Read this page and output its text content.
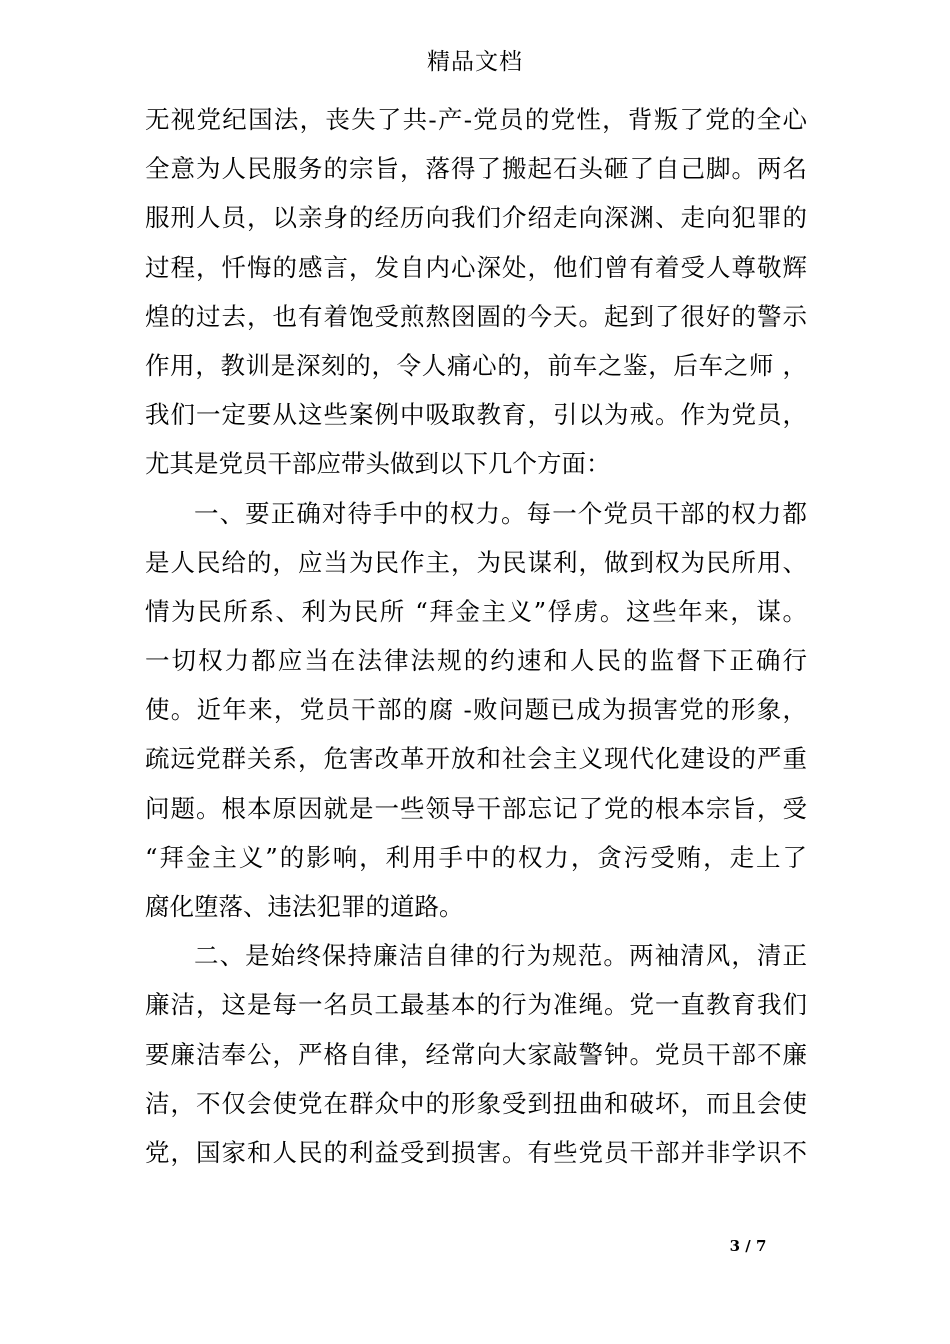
精品文档
无视党纪国法，丧失了共-产-党员的党性，背叛了党的全心
全意为人民服务的宗旨，落得了搬起石头砸了自己脚。两名
服刑人员，以亲身的经历向我们介绍走向深渊、走向犯罪的
过程，忏悔的感言，发自内心深处，他们曾有着受人尊敬辉
煌的过去，也有着饱受煎熬囹圄的今天。起到了很好的警示
作用，教训是深刻的，令人痛心的，前车之鉴，后车之师 ，
我们一定要从这些案例中吸取教育，引以为戒。作为党员，
尤其是党员干部应带头做到以下几个方面：
一、要正确对待手中的权力。每一个党员干部的权力都
是人民给的，应当为民作主，为民谋利，做到权为民所用、
情为民所系、利为民所 “拜金主义”俘虏。这些年来，谋。
一切权力都应当在法律法规的约速和人民的监督下正确行
使。近年来，党员干部的腐 -败问题已成为损害党的形象，
疏远党群关系，危害改革开放和社会主义现代化建设的严重
问题。根本原因就是一些领导干部忘记了党的根本宗旨，受
“拜金主义”的影响，利用手中的权力，贪污受贿，走上了
腐化堕落、违法犯罪的道路。
二、是始终保持廉洁自律的行为规范。两袖清风，清正
廉洁，这是每一名员工最基本的行为准绳。党一直教育我们
要廉洁奉公，严格自律，经常向大家敲警钟。党员干部不廉
洁，不仅会使党在群众中的形象受到扭曲和破坏，而且会使
党，国家和人民的利益受到损害。有些党员干部并非学识不
3 / 7
